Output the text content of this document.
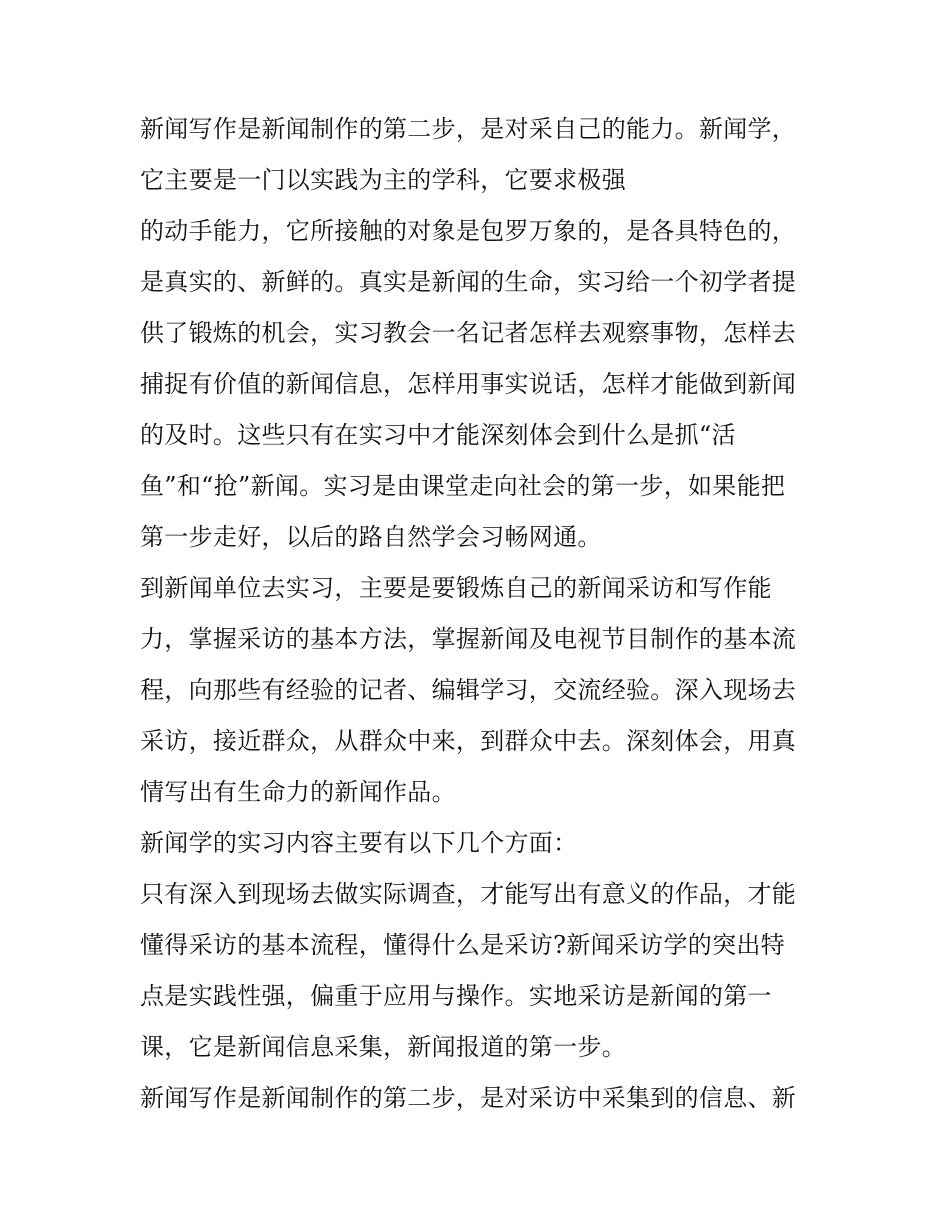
新闻写作是新闻制作的第二步，是对采自己的能力。新闻学，
它主要是一门以实践为主的学科，它要求极强
的动手能力，它所接触的对象是包罗万象的，是各具特色的，
是真实的、新鲜的。真实是新闻的生命，实习给一个初学者提
供了锻炼的机会，实习教会一名记者怎样去观察事物，怎样去
捕捉有价值的新闻信息，怎样用事实说话，怎样才能做到新闻
的及时。这些只有在实习中才能深刻体会到什么是抓“活
鱼”和“抢”新闻。实习是由课堂走向社会的第一步，如果能把
第一步走好，以后的路自然学会习畅网通。
到新闻单位去实习，主要是要锻炼自己的新闻采访和写作能
力，掌握采访的基本方法，掌握新闻及电视节目制作的基本流
程，向那些有经验的记者、编辑学习，交流经验。深入现场去
采访，接近群众，从群众中来，到群众中去。深刻体会，用真
情写出有生命力的新闻作品。
新闻学的实习内容主要有以下几个方面：
只有深入到现场去做实际调查，才能写出有意义的作品，才能
懂得采访的基本流程，懂得什么是采访?新闻采访学的突出特
点是实践性强，偏重于应用与操作。实地采访是新闻的第一
课，它是新闻信息采集，新闻报道的第一步。
新闻写作是新闻制作的第二步，是对采访中采集到的信息、新
